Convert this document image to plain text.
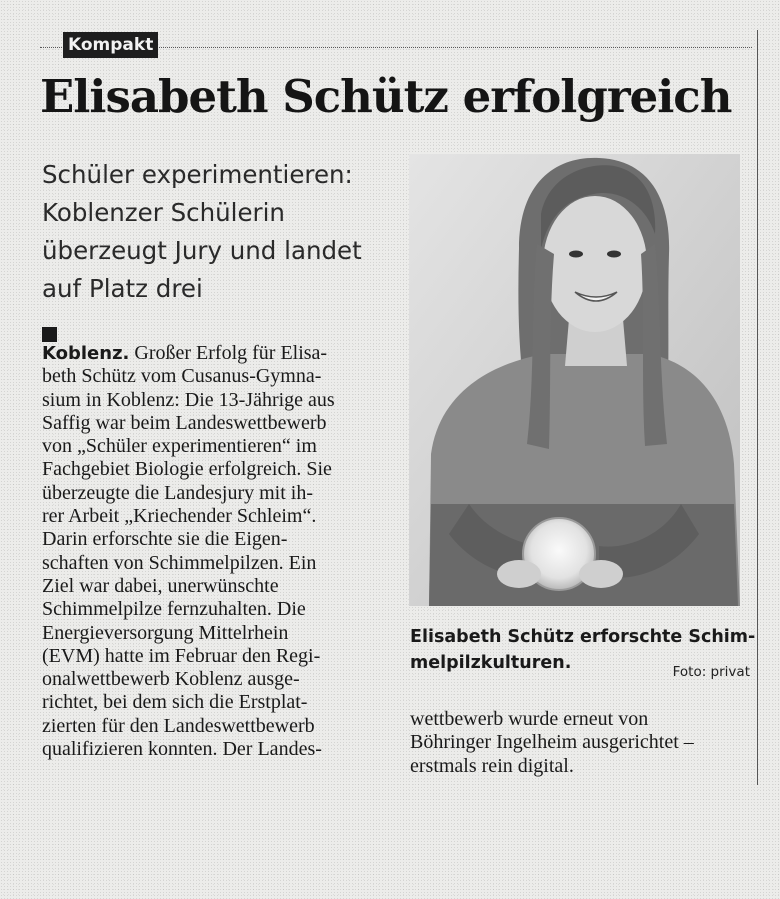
Kompakt
Elisabeth Schütz erfolgreich
Schüler experimentieren:
Koblenzer Schülerin
überzeugt Jury und landet
auf Platz drei
Koblenz. Großer Erfolg für Elisa-
beth Schütz vom Cusanus-Gymna-
sium in Koblenz: Die 13-Jährige aus
Saffig war beim Landeswettbewerb
von „Schüler experimentieren“ im
Fachgebiet Biologie erfolgreich. Sie
überzeugte die Landesjury mit ih-
rer Arbeit „Kriechender Schleim“.
Darin erforschte sie die Eigen-
schaften von Schimmelpilzen. Ein
Ziel war dabei, unerwünschte
Schimmelpilze fernzuhalten. Die
Energieversorgung Mittelrhein
(EVM) hatte im Februar den Regi-
onalwettbewerb Koblenz ausge-
richtet, bei dem sich die Erstplat-
zierten für den Landeswettbewerb
qualifizieren konnten. Der Landes-
Elisabeth Schütz erforschte Schim-
melpilzkulturen.	Foto: privat
wettbewerb wurde erneut von
Böhringer Ingelheim ausgerichtet –
erstmals rein digital.
